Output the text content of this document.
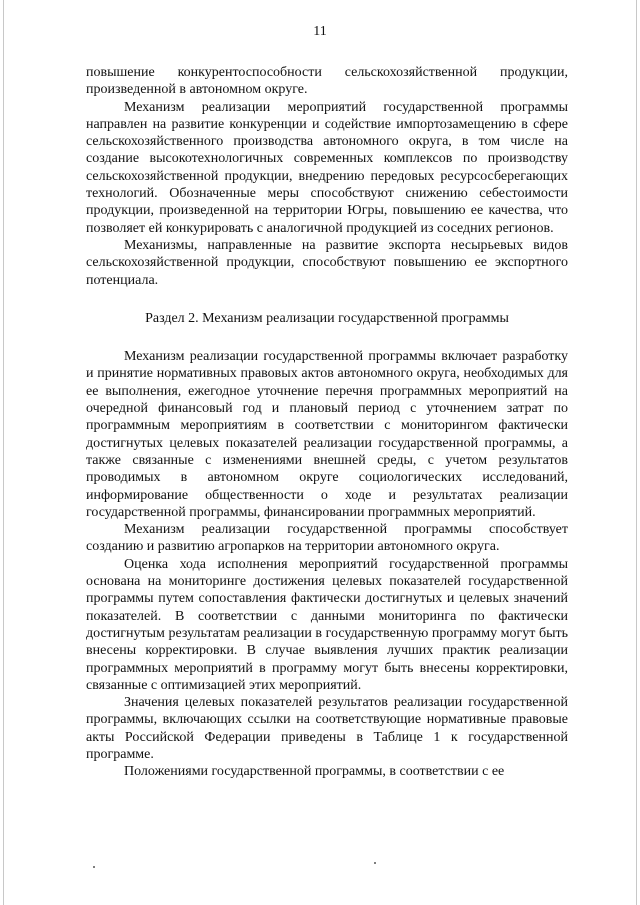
11

повышение конкурентоспособности сельскохозяйственной продукции, произведенной в автономном округе.

Механизм реализации мероприятий государственной программы направлен на развитие конкуренции и содействие импортозамещению в сфере сельскохозяйственного производства автономного округа, в том числе на создание высокотехнологичных современных комплексов по производству сельскохозяйственной продукции, внедрению передовых ресурсосберегающих технологий. Обозначенные меры способствуют снижению себестоимости продукции, произведенной на территории Югры, повышению ее качества, что позволяет ей конкурировать с аналогичной продукцией из соседних регионов.

Механизмы, направленные на развитие экспорта несырьевых видов сельскохозяйственной продукции, способствуют повышению ее экспортного потенциала.

Раздел 2. Механизм реализации государственной программы

Механизм реализации государственной программы включает разработку и принятие нормативных правовых актов автономного округа, необходимых для ее выполнения, ежегодное уточнение перечня программных мероприятий на очередной финансовый год и плановый период с уточнением затрат по программным мероприятиям в соответствии с мониторингом фактически достигнутых целевых показателей реализации государственной программы, а также связанные с изменениями внешней среды, с учетом результатов проводимых в автономном округе социологических исследований, информирование общественности о ходе и результатах реализации государственной программы, финансировании программных мероприятий.

Механизм реализации государственной программы способствует созданию и развитию агропарков на территории автономного округа.

Оценка хода исполнения мероприятий государственной программы основана на мониторинге достижения целевых показателей государственной программы путем сопоставления фактически достигнутых и целевых значений показателей. В соответствии с данными мониторинга по фактически достигнутым результатам реализации в государственную программу могут быть внесены корректировки. В случае выявления лучших практик реализации программных мероприятий в программу могут быть внесены корректировки, связанные с оптимизацией этих мероприятий.

Значения целевых показателей результатов реализации государственной программы, включающих ссылки на соответствующие нормативные правовые акты Российской Федерации приведены в Таблице 1 к государственной программе.

Положениями государственной программы, в соответствии с ее
